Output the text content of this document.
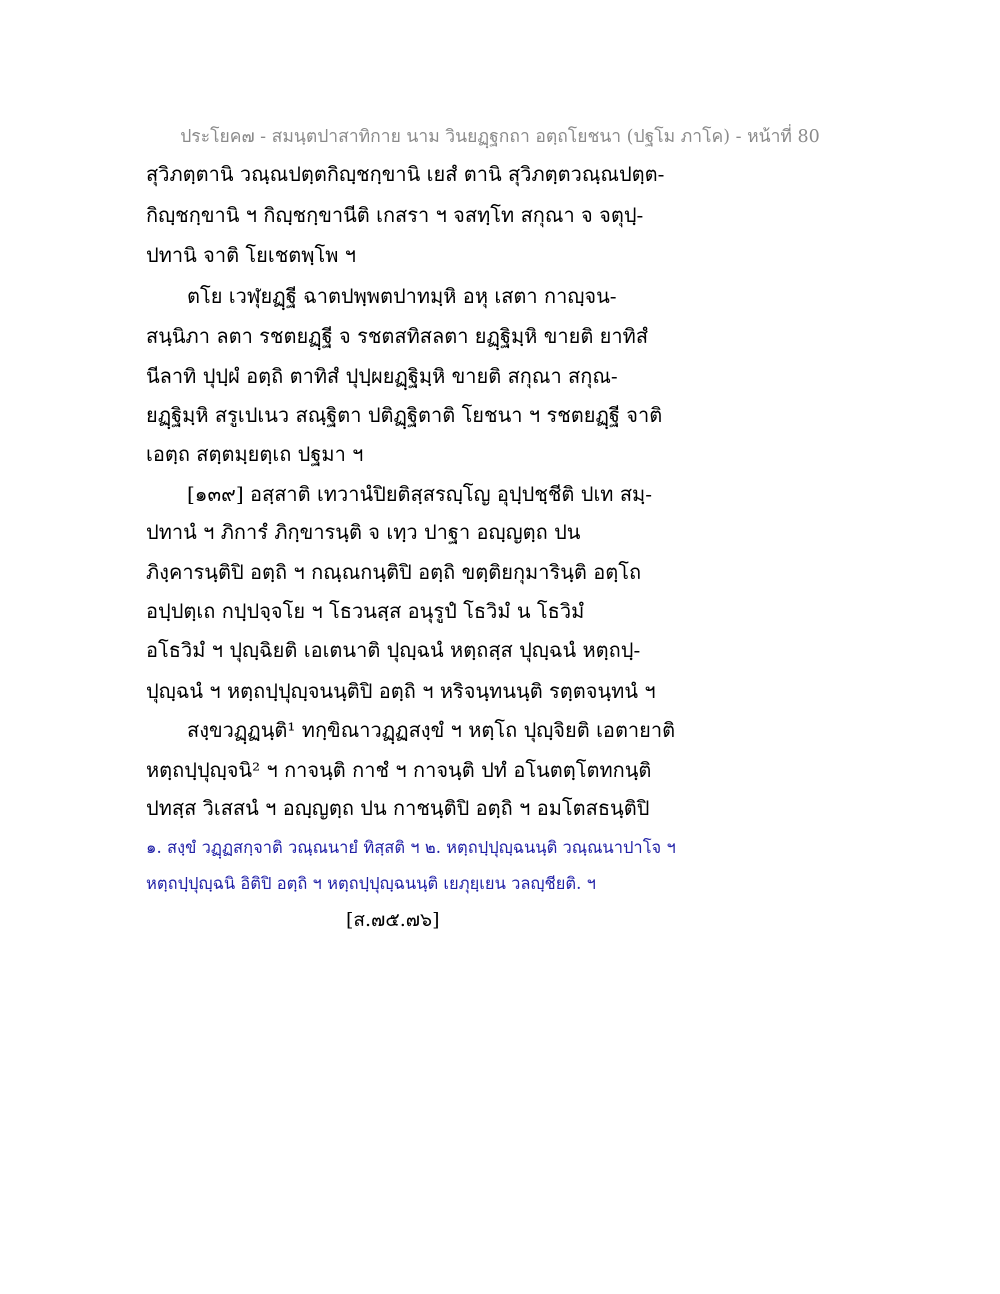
ประโยค๗ - สมนฺตปาสาทิกาย นาม วินยฏฺฐกถา อตฺถโยชนา (ปฐโม ภาโค) - หน้าที่ 80
สุวิภตฺตานิ วณฺณปตฺตกิญฺชกฺขานิ เยสํ ตานิ สุวิภตฺตวณฺณปตฺต-
กิญฺชกฺขานิ ฯ กิญฺชกฺขานีติ เกสรา ฯ จสทฺโท สกุณา จ จตุปฺ-
ปทานิ จาติ โยเชตพฺโพ ฯ
ตโย เวฬุยฏฺฐี ฉาตปพฺพตปาทมฺหิ อหุ เสตา กาญฺจน-
สนฺนิภา ลตา รชตยฏฺฐี จ รชตสทิสลตา ยฏฺฐิมฺหิ ขายติ ยาทิสํ
นีลาทิ ปุปฺผํ อตฺถิ ตาทิสํ ปุปฺผยฏฺฐิมฺหิ ขายติ สกุณา สกุณ-
ยฏฺฐิมฺหิ สรูเปเนว สณฺฐิตา ปติฏฺฐิตาติ โยชนา ฯ รชตยฏฺฐี จาติ
เอตฺถ สตฺตมฺยตฺเถ ปฐมา ฯ
[๑๓๙] อสฺสาติ เทวานํปิยติสฺสรญฺโญ อุปฺปชฺชีติ ปเท สมฺ-
ปทานํ ฯ ภิการํ ภิกฺขารนฺติ จ เทฺว ปาฐา อญฺญตฺถ ปน
ภิงฺคารนฺติปิ อตฺถิ ฯ กณฺณกนฺติปิ อตฺถิ ขตฺติยกุมารินฺติ อตฺโถ
อปฺปตฺเถ กปฺปจฺจโย ฯ โธวนสฺส อนุรูปํ โธวิมํ น โธวิมํ
อโธวิมํ ฯ ปุญฺฉิยติ เอเตนาติ ปุญฺฉนํ หตฺถสฺส ปุญฺฉนํ หตฺถปฺ-
ปุญฺฉนํ ฯ หตฺถปฺปุญฺจนนฺติปิ อตฺถิ ฯ หริจนฺทนนฺติ รตฺตจนฺทนํ ฯ
สงฺขวฏฺฏนฺติ¹ ทกฺขิณาวฏฺฏสงฺขํ ฯ หตฺโถ ปุญฺจิยติ เอตายาติ
หตฺถปฺปุญฺจนิ² ฯ กาจนฺติ กาชํ ฯ กาจนฺติ ปทํ อโนตตฺโตทกนฺติ
ปทสฺส วิเสสนํ ฯ อญฺญตฺถ ปน กาชนฺติปิ อตฺถิ ฯ อมโตสธนฺติปิ
๑. สงฺขํ วฏฺฏสกฺจาติ วณฺณนายํ ทิสฺสติ ฯ ๒. หตฺถปฺปุญฺฉนนฺติ วณฺณนาปาโจ ฯ
หตฺถปฺปุญฺฉนิ อิติปิ อตฺถิ ฯ หตฺถปฺปุญฺฉนนฺติ เยภุยฺเยน วลญฺชียติ. ฯ
[ส.๗๕.๗๖]
